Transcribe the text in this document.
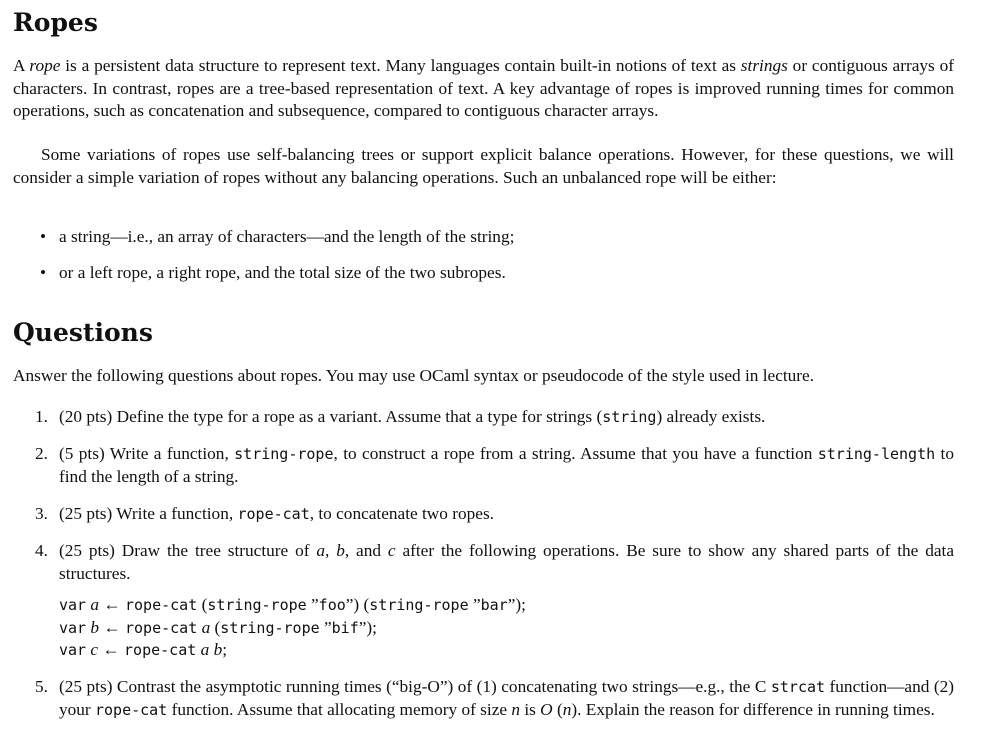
Ropes

A rope is a persistent data structure to represent text. Many languages contain built-in notions of text as strings or contiguous arrays of characters. In contrast, ropes are a tree-based representation of text. A key advantage of ropes is improved running times for common operations, such as concatenation and subsequence, compared to contiguous character arrays.

Some variations of ropes use self-balancing trees or support explicit balance operations. However, for these questions, we will consider a simple variation of ropes without any balancing operations. Such an unbalanced rope will be either:

• a string—i.e., an array of characters—and the length of the string;
• or a left rope, a right rope, and the total size of the two subropes.
Questions

Answer the following questions about ropes. You may use OCaml syntax or pseudocode of the style used in lecture.

1. (20 pts) Define the type for a rope as a variant. Assume that a type for strings (string) already exists.
2. (5 pts) Write a function, string-rope, to construct a rope from a string. Assume that you have a function string-length to find the length of a string.
3. (25 pts) Write a function, rope-cat, to concatenate two ropes.
4. (25 pts) Draw the tree structure of a, b, and c after the following operations. Be sure to show any shared parts of the data structures.
var a ← rope-cat (string-rope ”foo”) (string-rope ”bar”);
var b ← rope-cat a (string-rope ”bif”);
var c ← rope-cat a b;
5. (25 pts) Contrast the asymptotic running times (“big-O”) of (1) concatenating two strings—e.g., the C strcat function—and (2) your rope-cat function. Assume that allocating memory of size n is O (n). Explain the reason for difference in running times.
